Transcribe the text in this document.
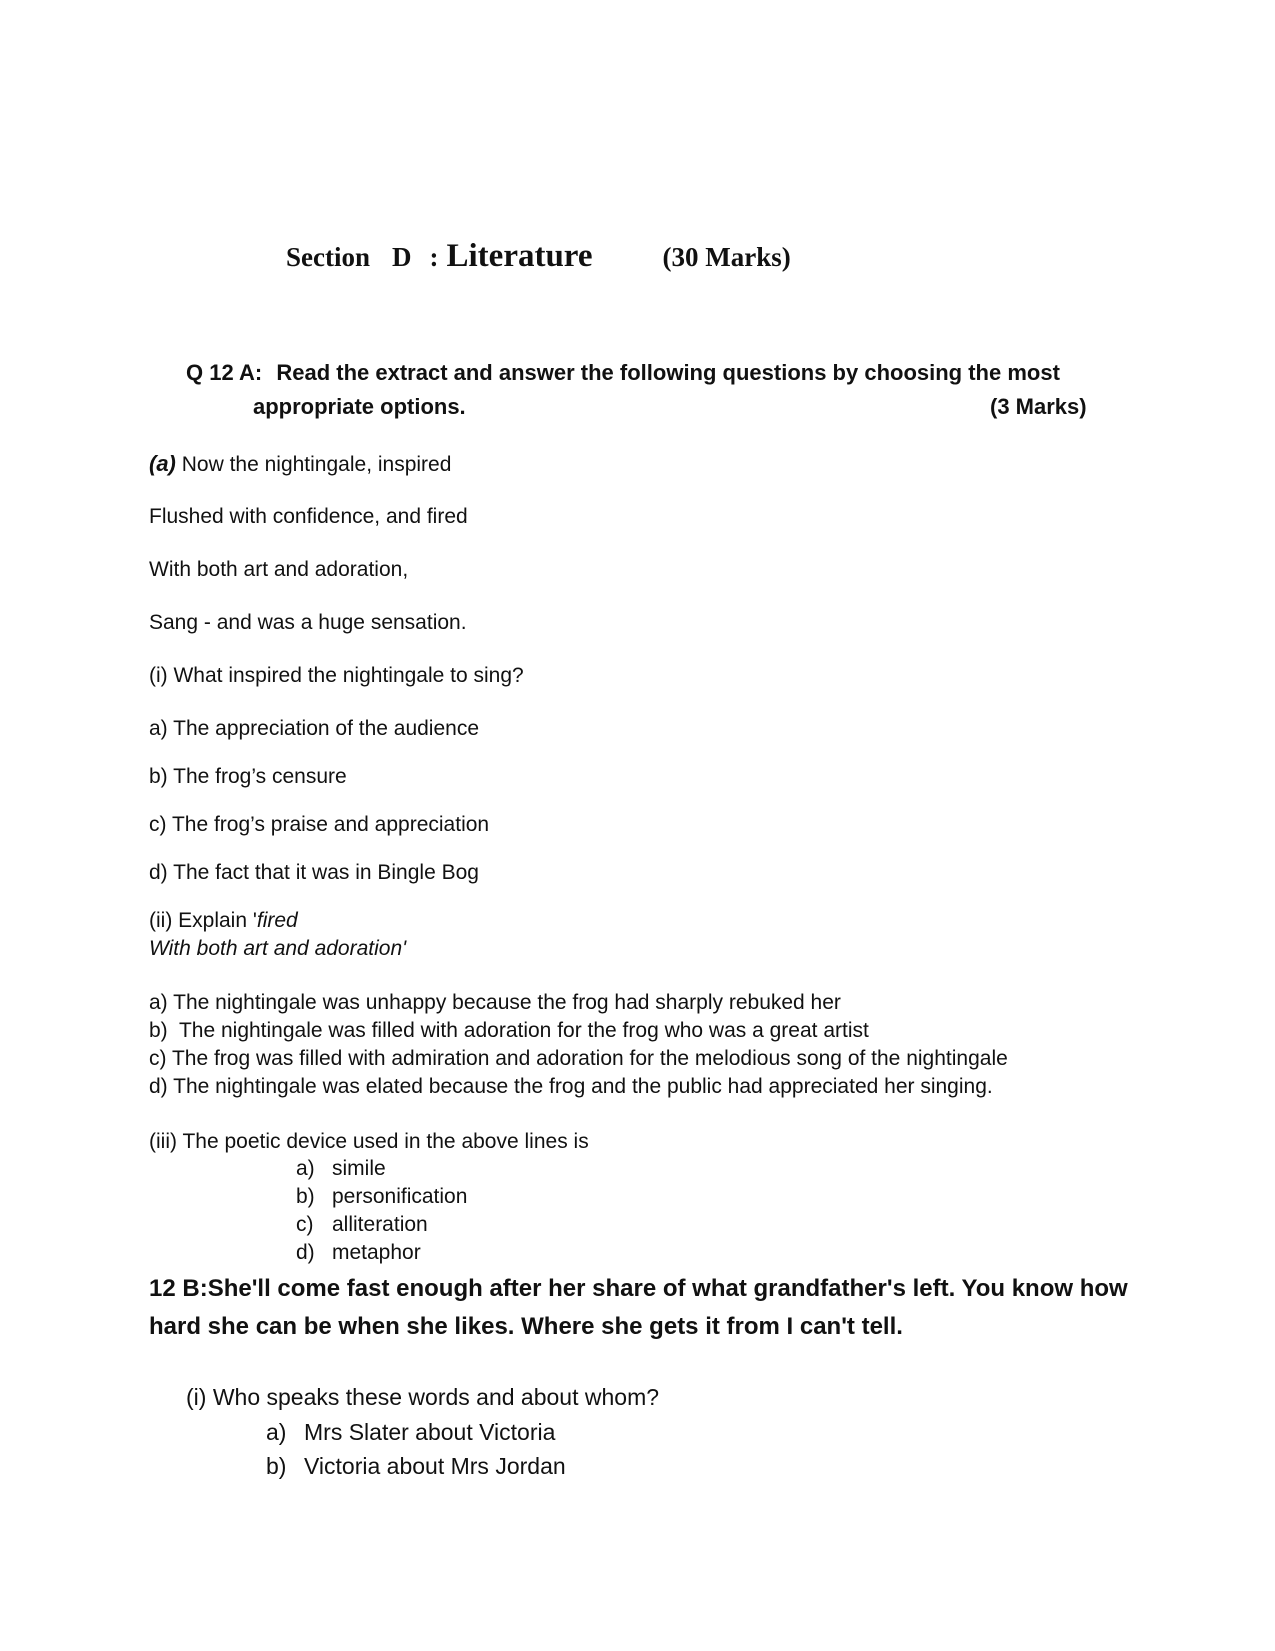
Section D : Literature	(30 Marks)
Q 12 A: Read the extract and answer the following questions by choosing the most
appropriate options.	(3 Marks)
(a) Now the nightingale, inspired
Flushed with confidence, and fired
With both art and adoration,
Sang - and was a huge sensation.
(i) What inspired the nightingale to sing?
a) The appreciation of the audience
b) The frog’s censure
c) The frog’s praise and appreciation
d) The fact that it was in Bingle Bog
(ii) Explain 'fired
With both art and adoration'
a) The nightingale was unhappy because the frog had sharply rebuked her
b)  The nightingale was filled with adoration for the frog who was a great artist
c) The frog was filled with admiration and adoration for the melodious song of the nightingale
d) The nightingale was elated because the frog and the public had appreciated her singing.
(iii) The poetic device used in the above lines is
a) simile
b) personification
c) alliteration
d) metaphor
12 B:She'll come fast enough after her share of what grandfather's left. You know how
hard she can be when she likes. Where she gets it from I can't tell.
(i) Who speaks these words and about whom?
a) Mrs Slater about Victoria
b) Victoria about Mrs Jordan
